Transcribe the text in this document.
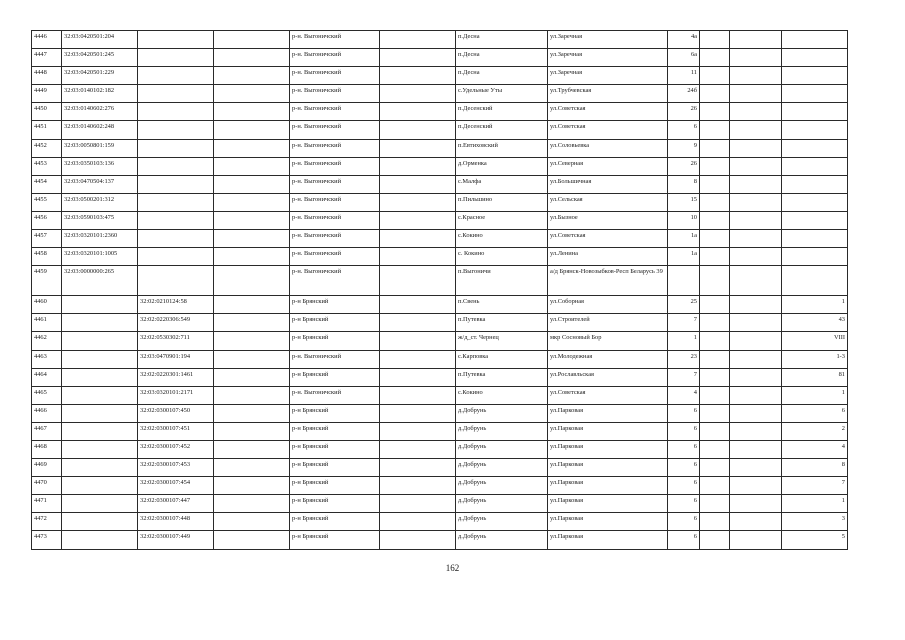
4446	32:03:0420501:204			р-н. Выгоничский		п.Десна	ул.Заречная	4а			
4447	32:03:0420501:245			р-н. Выгоничский		п.Десна	ул.Заречная	6а			
4448	32:03:0420501:229			р-н. Выгоничский		п.Десна	ул.Заречная	11			
4449	32:03:0140102:182			р-н. Выгоничский		с.Удельные Уты	ул.Трубчевская	24б			
4450	32:03:0140602:276			р-н. Выгоничский		п.Десенский	ул.Советская	26			
4451	32:03:0140602:248			р-н. Выгоничский		п.Десенский	ул.Советская	6			
4452	32:03:0050801:159			р-н. Выгоничский		п.Евтиховский	ул.Соловьевка	9			
4453	32:03:0350103:136			р-н. Выгоничский		д.Орменка	ул.Северная	26			
4454	32:03:0470504:137			р-н. Выгоничский		с.Малфа	ул.Большичная	8			
4455	32:03:0500201:312			р-н. Выгоничский		п.Пильшино	ул.Сельская	15			
4456	32:03:0590103:475			р-н. Выгоничский		с.Красное	ул.Бызное	10			
4457	32:03:0320101:2360			р-н. Выгоничский		с.Кокино	ул.Советская	1а			
4458	32:03:0320101:1005			р-н. Выгоничский		с. Кокино	ул.Ленина	1а			
4459	32:03:0000000:265			р-н. Выгоничский		п.Выгоничи	а/д Брянск-Новозыбков-Респ Беларусь 39				
4460		32:02:0210124:58		р-н Брянский		п.Свень	ул.Соборная	25			1
4461		32:02:0220306:549		р-н Брянский		п.Путевка	ул.Строителей	7			43
4462		32:02:0530302:711		р-н Брянский		ж/д_ст. Чернец	мкр Сосновый Бор	1			VIII
4463		32:03:0470901:194		р-н. Выгоничский		с.Карповка	ул.Молодежная	23			1-3
4464		32:02:0220301:1461		р-н Брянский		п.Путевка	ул.Рославльская	7			81
4465		32:03:0320101:2171		р-н. Выгоничский		с.Кокино	ул.Советская	4			1
4466		32:02:0300107:450		р-н Брянский		д.Добрунь	ул.Парковая	6			6
4467		32:02:0300107:451		р-н Брянский		д.Добрунь	ул.Парковая	6			2
4468		32:02:0300107:452		р-н Брянский		д.Добрунь	ул.Парковая	6			4
4469		32:02:0300107:453		р-н Брянский		д.Добрунь	ул.Парковая	6			8
4470		32:02:0300107:454		р-н Брянский		д.Добрунь	ул.Парковая	6			7
4471		32:02:0300107:447		р-н Брянский		д.Добрунь	ул.Парковая	6			1
4472		32:02:0300107:448		р-н Брянский		д.Добрунь	ул.Парковая	6			3
4473		32:02:0300107:449		р-н Брянский		д.Добрунь	ул.Парковая	6			5
162
